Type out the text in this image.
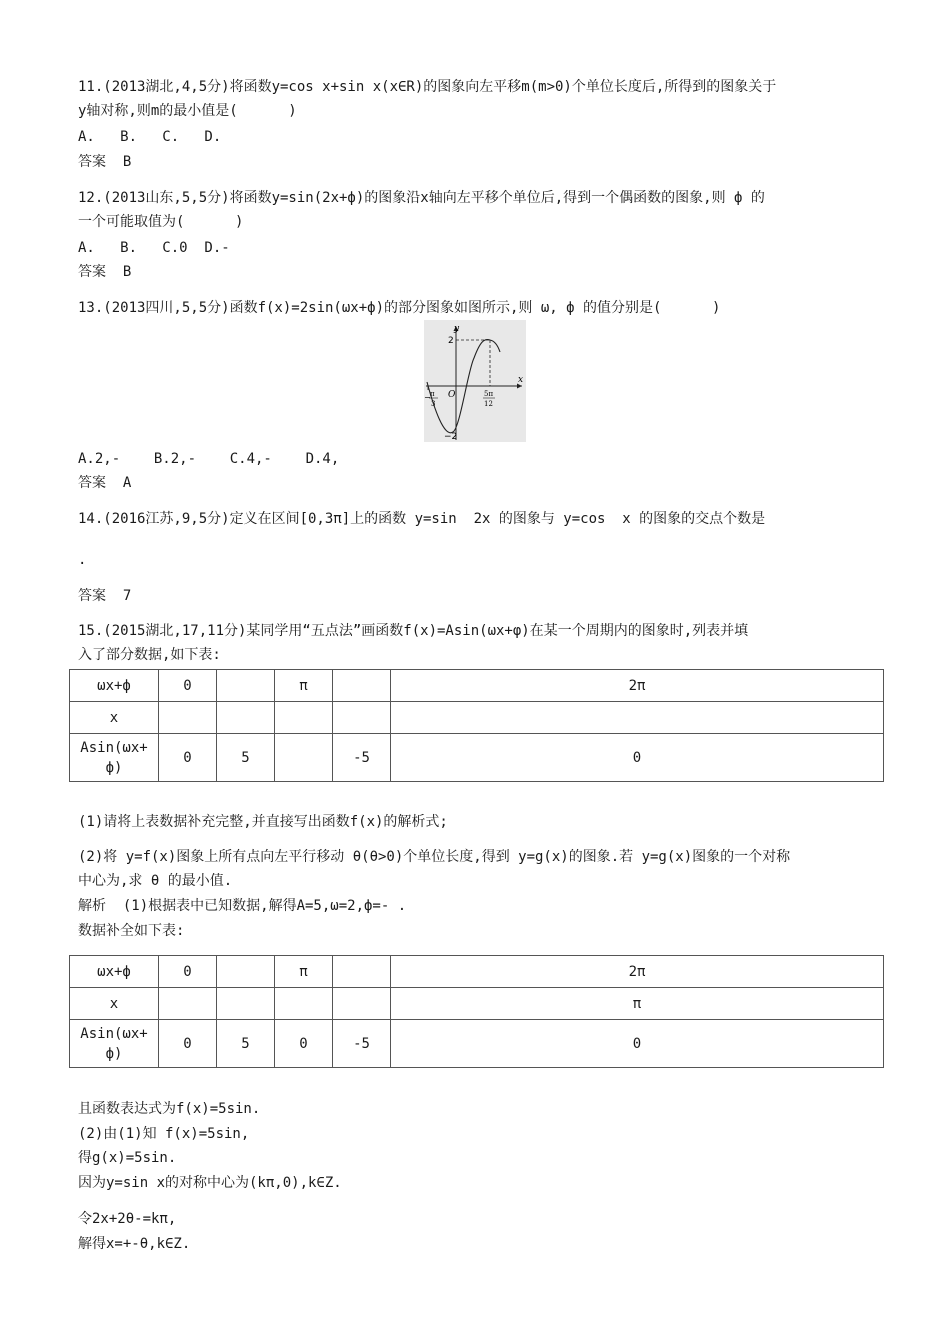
11.(2013湖北,4,5分)将函数y=cos x+sin x(x∈R)的图象向左平移m(m>0)个单位长度后,所得到的图象关于
y轴对称,则m的最小值是(      )
A.   B.   C.   D.
答案  B
12.(2013山东,5,5分)将函数y=sin(2x+ф)的图象沿x轴向左平移个单位后,得到一个偶函数的图象,则 ф 的
一个可能取值为(      )
A.   B.   C.0  D.-
答案  B
13.(2013四川,5,5分)函数f(x)=2sin(ωx+ф)的部分图象如图所示,则 ω, ф 的值分别是(      )
y
x
2
−2
O
− π
3
5π
12
A.2,-    B.2,-    C.4,-    D.4,
答案  A
14.(2016江苏,9,5分)定义在区间[0,3π]上的函数 y=sin  2x 的图象与 y=cos  x 的图象的交点个数是
.
答案  7
15.(2015湖北,17,11分)某同学用“五点法”画函数f(x)=Asin(ωx+φ)在某一个周期内的图象时,列表并填
入了部分数据,如下表:
ωx+ф	0		π		2π
x					
Asin(ωx+
ф)	0	5		-5	0
(1)请将上表数据补充完整,并直接写出函数f(x)的解析式;
(2)将 y=f(x)图象上所有点向左平行移动 θ(θ>0)个单位长度,得到 y=g(x)的图象.若 y=g(x)图象的一个对称
中心为,求 θ 的最小值.
解析  (1)根据表中已知数据,解得A=5,ω=2,ф=- .
数据补全如下表:
ωx+ф	0		π		2π
x					π
Asin(ωx+
ф)	0	5	0	-5	0
且函数表达式为f(x)=5sin.
(2)由(1)知 f(x)=5sin,
得g(x)=5sin.
因为y=sin x的对称中心为(kπ,0),k∈Z.
令2x+2θ-=kπ,
解得x=+-θ,k∈Z.
